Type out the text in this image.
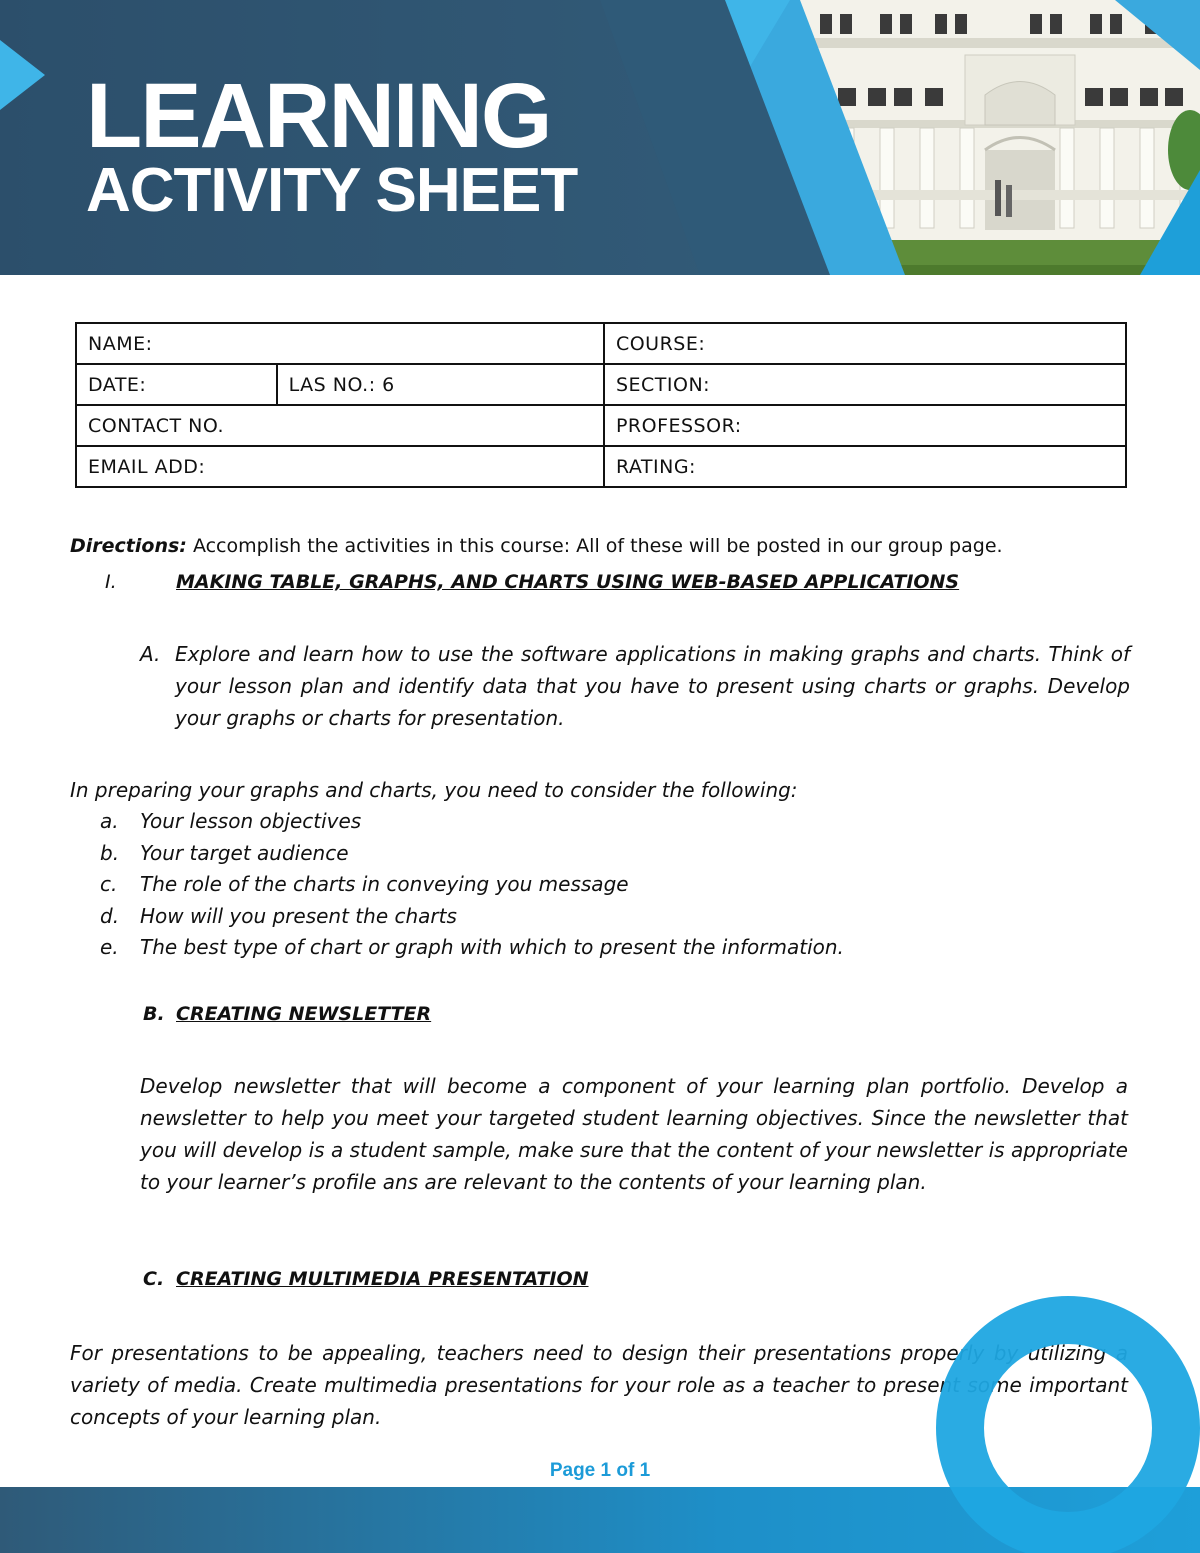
LEARNING
ACTIVITY SHEET
NAME:		COURSE:
DATE:	LAS NO.: 6	SECTION:
CONTACT NO.		PROFESSOR:
EMAIL ADD:		RATING:

Directions: Accomplish the activities in this course: All of these will be posted in our group page.

I.	MAKING TABLE, GRAPHS, AND CHARTS USING WEB-BASED APPLICATIONS

A. Explore and learn how to use the software applications in making graphs and charts. Think of your lesson plan and identify data that you have to present using charts or graphs. Develop your graphs or charts for presentation.

In preparing your graphs and charts, you need to consider the following:

a. Your lesson objectives
b. Your target audience
c. The role of the charts in conveying you message
d. How will you present the charts
e. The best type of chart or graph with which to present the information.

B. CREATING NEWSLETTER

Develop newsletter that will become a component of your learning plan portfolio. Develop a newsletter to help you meet your targeted student learning objectives. Since the newsletter that you will develop is a student sample, make sure that the content of your newsletter is appropriate to your learner’s profile ans are relevant to the contents of your learning plan.

C. CREATING MULTIMEDIA PRESENTATION

For presentations to be appealing, teachers need to design their presentations properly by utilizing a variety of media. Create multimedia presentations for your role as a teacher to present some important concepts of your learning plan.

Page 1 of 1
